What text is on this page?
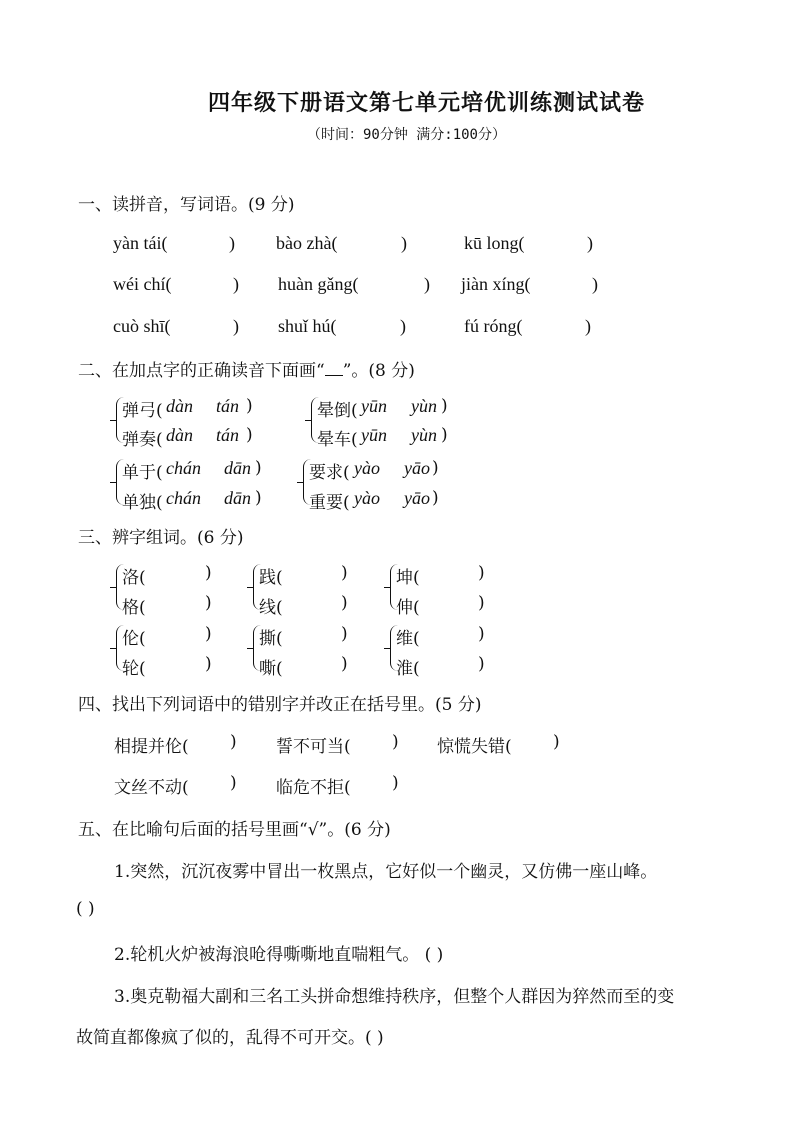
四年级下册语文第七单元培优训练测试试卷
（时间：90分钟 满分:100分）
一、读拼音，写词语。(9 分)
yàn tái(	) bào zhà(	)	kū long(	)
wéi chí(	) huàn gǎng(	) jiàn xíng(	)
cuò shī(	) shuǐ hú(	)	fú róng(	)
二、在加点字的正确读音下面画“ ”。(8 分)
弹弓( dàn tán )
弹奏( dàn tán )
晕倒( yūn yùn )
晕车( yūn yùn )
单于( chán dān )
单独( chán dān )
要求( yào yāo )
重要( yào yāo )
三、辨字组词。(6 分)
洛(	)
格(	)
践(	)
线(	)
坤(	)
伸(	)
伦(	)
轮(	)
撕(	)
嘶(	)
维(	)
淮(	)
四、找出下列词语中的错别字并改正在括号里。(5 分)
相提并伦( ) 誓不可当( ) 惊慌失错( )
文丝不动( ) 临危不拒( )
五、在比喻句后面的括号里画“√”。(6 分)
1.突然，沉沉夜雾中冒出一枚黑点，它好似一个幽灵，又仿佛一座山峰。
( )
2.轮机火炉被海浪呛得嘶嘶地直喘粗气。 ( )
3.奥克勒福大副和三名工头拼命想维持秩序，但整个人群因为猝然而至的变
故简直都像疯了似的，乱得不可开交。( )
